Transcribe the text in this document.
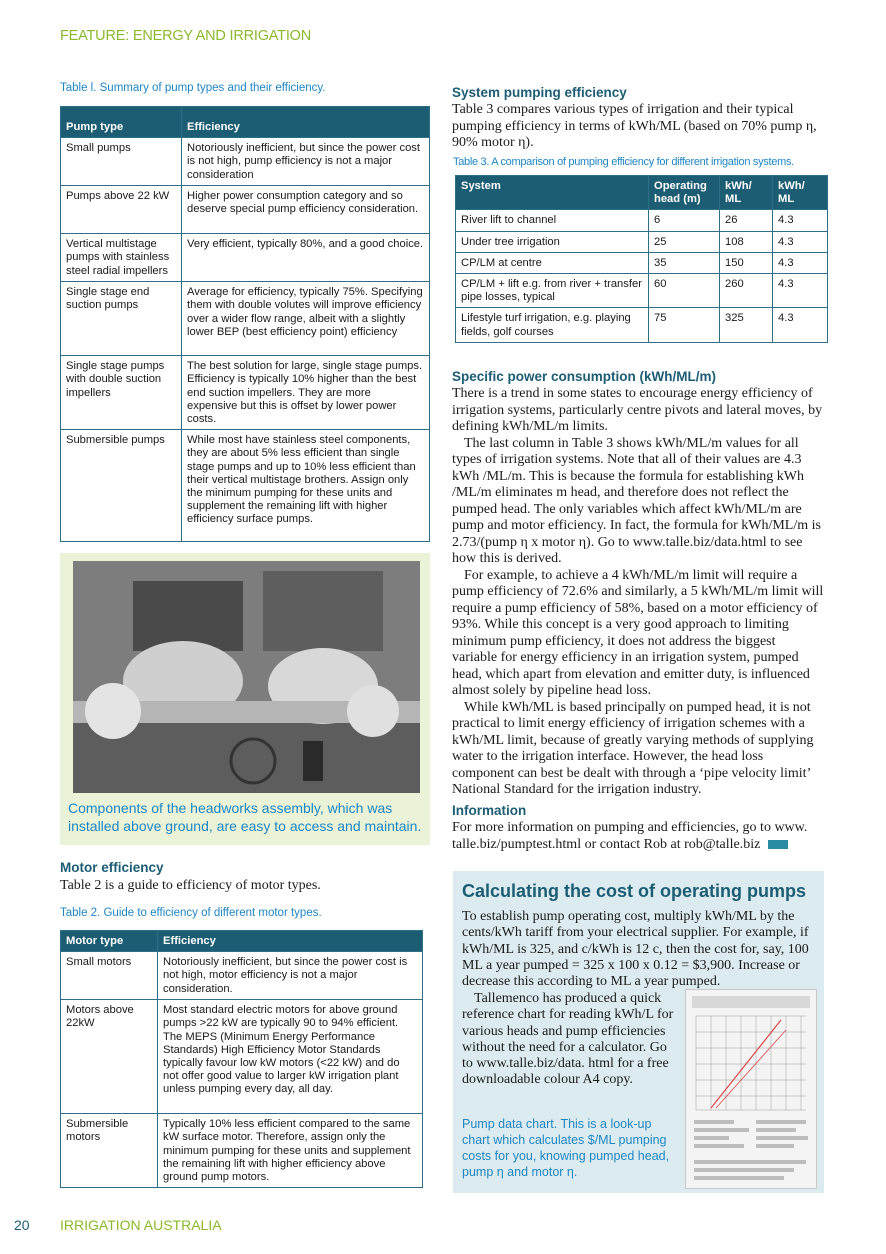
FEATURE: ENERGY AND IRRIGATION
Table l. Summary of pump types and their efficiency.
Pump type	Efficiency
Small pumps	Notoriously inefficient, but since the power cost is not high, pump efficiency is not a major consideration
Pumps above 22 kW	Higher power consumption category and so deserve special pump efficiency consideration.
Vertical multistage pumps with stainless steel radial impellers	Very efficient, typically 80%, and a good choice.
Single stage end suction pumps	Average for efficiency, typically 75%. Specifying them with double volutes will improve efficiency over a wider flow range, albeit with a slightly lower BEP (best efficiency point) efficiency
Single stage pumps with double suction impellers	The best solution for large, single stage pumps. Efficiency is typically 10% higher than the best end suction impellers. They are more expensive but this is offset by lower power costs.
Submersible pumps	While most have stainless steel components, they are about 5% less efficient than single stage pumps and up to 10% less efficient than their vertical multistage brothers. Assign only the minimum pumping for these units and supplement the remaining lift with higher efficiency surface pumps.
Components of the headworks assembly, which was installed above ground, are easy to access and maintain.
Motor efficiency
Table 2 is a guide to efficiency of motor types.
Table 2. Guide to efficiency of different motor types.
Motor type	Efficiency
Small motors	Notoriously inefficient, but since the power cost is not high, motor efficiency is not a major consideration.
Motors above 22kW	Most standard electric motors for above ground pumps >22 kW are typically 90 to 94% efficient. The MEPS (Minimum Energy Performance Standards) High Efficiency Motor Standards typically favour low kW motors (<22 kW) and do not offer good value to larger kW irrigation plant unless pumping every day, all day.
Submersible motors	Typically 10% less efficient compared to the same kW surface motor. Therefore, assign only the minimum pumping for these units and supplement the remaining lift with higher efficiency above ground pump motors.
System pumping efficiency
Table 3 compares various types of irrigation and their typical pumping efficiency in terms of kWh/ML (based on 70% pump η, 90% motor η).
Table 3. A comparison of pumping efficiency for different irrigation systems.
System	Operating head (m)	kWh/ ML	kWh/ ML
River lift to channel	6	26	4.3
Under tree irrigation	25	108	4.3
CP/LM at centre	35	150	4.3
CP/LM + lift e.g. from river + transfer pipe losses, typical	60	260	4.3
Lifestyle turf irrigation, e.g. playing fields, golf courses	75	325	4.3
Specific power consumption (kWh/ML/m)

There is a trend in some states to encourage energy efficiency of irrigation systems, particularly centre pivots and lateral moves, by defining kWh/ML/m limits.

The last column in Table 3 shows kWh/ML/m values for all types of irrigation systems. Note that all of their values are 4.3 kWh /ML/m. This is because the formula for establishing kWh /ML/m eliminates m head, and therefore does not reflect the pumped head. The only variables which affect kWh/ML/m are pump and motor efficiency. In fact, the formula for kWh/ML/m is 2.73/(pump η x motor η). Go to www.talle.biz/data.html to see how this is derived.

For example, to achieve a 4 kWh/ML/m limit will require a pump efficiency of 72.6% and similarly, a 5 kWh/ML/m limit will require a pump efficiency of 58%, based on a motor efficiency of 93%. While this concept is a very good approach to limiting minimum pump efficiency, it does not address the biggest variable for energy efficiency in an irrigation system, pumped head, which apart from elevation and emitter duty, is influenced almost solely by pipeline head loss.

While kWh/ML is based principally on pumped head, it is not practical to limit energy efficiency of irrigation schemes with a kWh/ML limit, because of greatly varying methods of supplying water to the irrigation interface. However, the head loss component can best be dealt with through a ‘pipe velocity limit’ National Standard for the irrigation industry.

Information
For more information on pumping and efficiencies, go to www. talle.biz/pumptest.html or contact Rob at rob@talle.biz
Calculating the cost of operating pumps
To establish pump operating cost, multiply kWh/ML by the cents/kWh tariff from your electrical supplier. For example, if kWh/ML is 325, and c/kWh is 12 c, then the cost for, say, 100 ML a year pumped = 325 x 100 x 0.12 = $3,900. Increase or decrease this according to ML a year pumped.
Tallemenco has produced a quick reference chart for reading kWh/L for various heads and pump efficiencies without the need for a calculator. Go to www.talle.biz/data. html for a free downloadable colour A4 copy.
Pump data chart. This is a look-up chart which calculates $/ML pumping costs for you, knowing pumped head, pump η and motor η.
20 IRRIGATION AUSTRALIA
